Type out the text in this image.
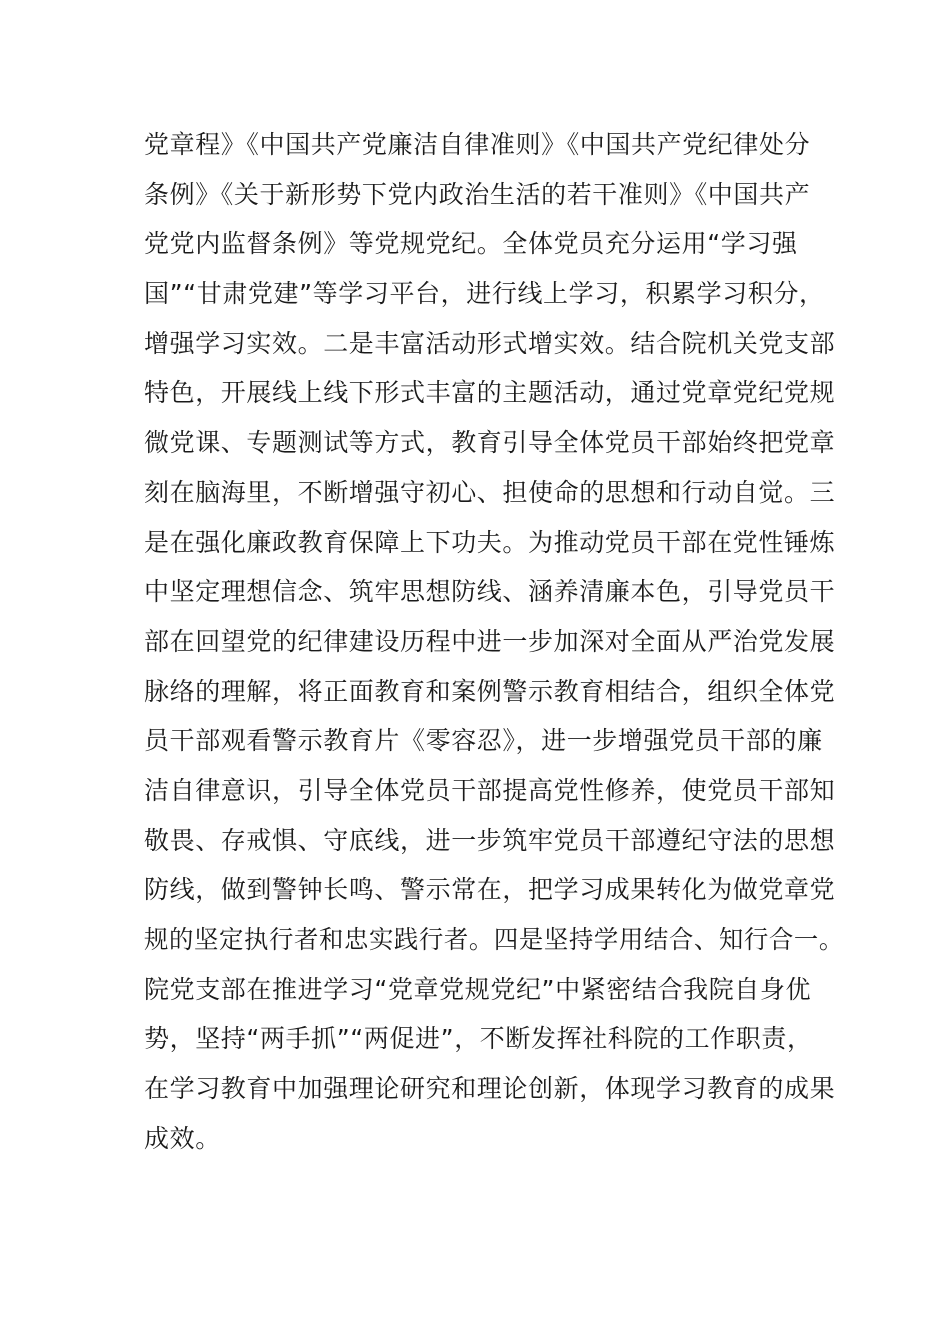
党章程》《中国共产党廉洁自律准则》《中国共产党纪律处分
条例》《关于新形势下党内政治生活的若干准则》《中国共产
党党内监督条例》等党规党纪。全体党员充分运用“学习强
国”“甘肃党建”等学习平台，进行线上学习，积累学习积分，
增强学习实效。二是丰富活动形式增实效。结合院机关党支部
特色，开展线上线下形式丰富的主题活动，通过党章党纪党规
微党课、专题测试等方式，教育引导全体党员干部始终把党章
刻在脑海里，不断增强守初心、担使命的思想和行动自觉。三
是在强化廉政教育保障上下功夫。为推动党员干部在党性锤炼
中坚定理想信念、筑牢思想防线、涵养清廉本色，引导党员干
部在回望党的纪律建设历程中进一步加深对全面从严治党发展
脉络的理解，将正面教育和案例警示教育相结合，组织全体党
员干部观看警示教育片《零容忍》，进一步增强党员干部的廉
洁自律意识，引导全体党员干部提高党性修养，使党员干部知
敬畏、存戒惧、守底线，进一步筑牢党员干部遵纪守法的思想
防线，做到警钟长鸣、警示常在，把学习成果转化为做党章党
规的坚定执行者和忠实践行者。四是坚持学用结合、知行合一。
院党支部在推进学习“党章党规党纪”中紧密结合我院自身优
势，坚持“两手抓”“两促进”，不断发挥社科院的工作职责，
在学习教育中加强理论研究和理论创新，体现学习教育的成果
成效。
